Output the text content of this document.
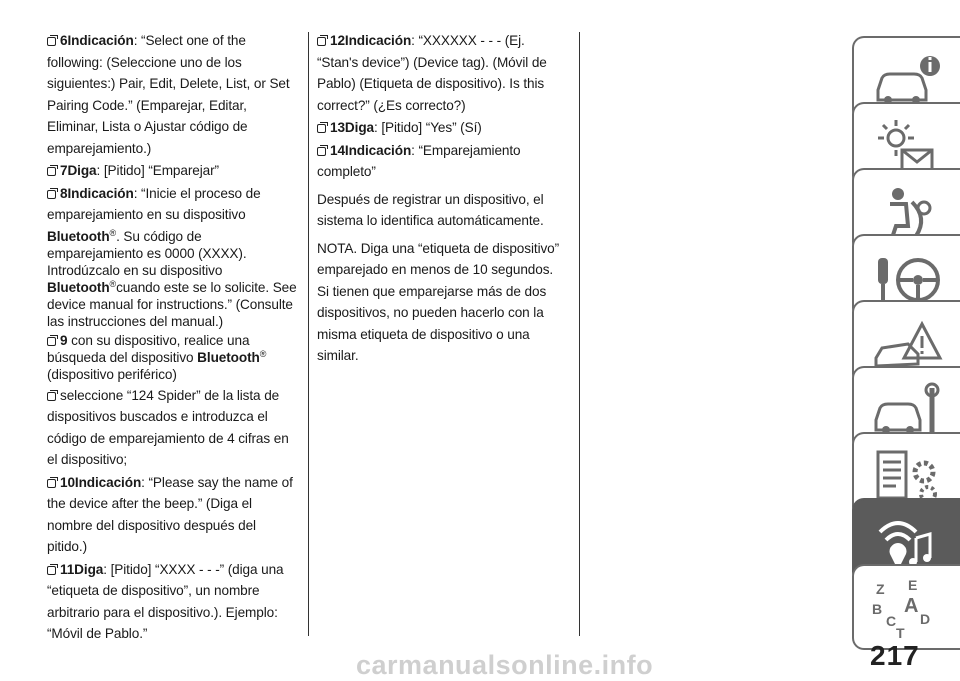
6Indicación: “Select one of the following: (Seleccione uno de los siguientes:) Pair, Edit, Delete, List, or Set Pairing Code.” (Emparejar, Editar, Eliminar, Lista o Ajustar código de emparejamiento.)
7Diga: [Pitido] “Emparejar”
8Indicación: “Inicie el proceso de emparejamiento en su dispositivo
Bluetooth®. Su código de emparejamiento es 0000 (XXXX). Introdúzcalo en su dispositivo Bluetooth®cuando este se lo solicite. See device manual for instructions.” (Consulte las instrucciones del manual.)
9 con su dispositivo, realice una búsqueda del dispositivo Bluetooth® (dispositivo periférico)
seleccione “124 Spider” de la lista de dispositivos buscados e introduzca el código de emparejamiento de 4 cifras en el dispositivo;
10Indicación: “Please say the name of the device after the beep.” (Diga el nombre del dispositivo después del pitido.)
11Diga: [Pitido] “XXXX - - -” (diga una “etiqueta de dispositivo”, un nombre arbitrario para el dispositivo.). Ejemplo: “Móvil de Pablo.”
12Indicación: “XXXXXX - - - (Ej. “Stan's device”) (Device tag). (Móvil de Pablo) (Etiqueta de dispositivo). Is this correct?” (¿Es correcto?)
13Diga: [Pitido] “Yes” (Sí)
14Indicación: “Emparejamiento completo”
Después de registrar un dispositivo, el sistema lo identifica automáticamente.
NOTA. Diga una “etiqueta de dispositivo” emparejado en menos de 10 segundos. Si tienen que emparejarse más de dos dispositivos, no pueden hacerlo con la misma etiqueta de dispositivo o una similar.
Z E
B A
C D
T
carmanualsonline.info	217
